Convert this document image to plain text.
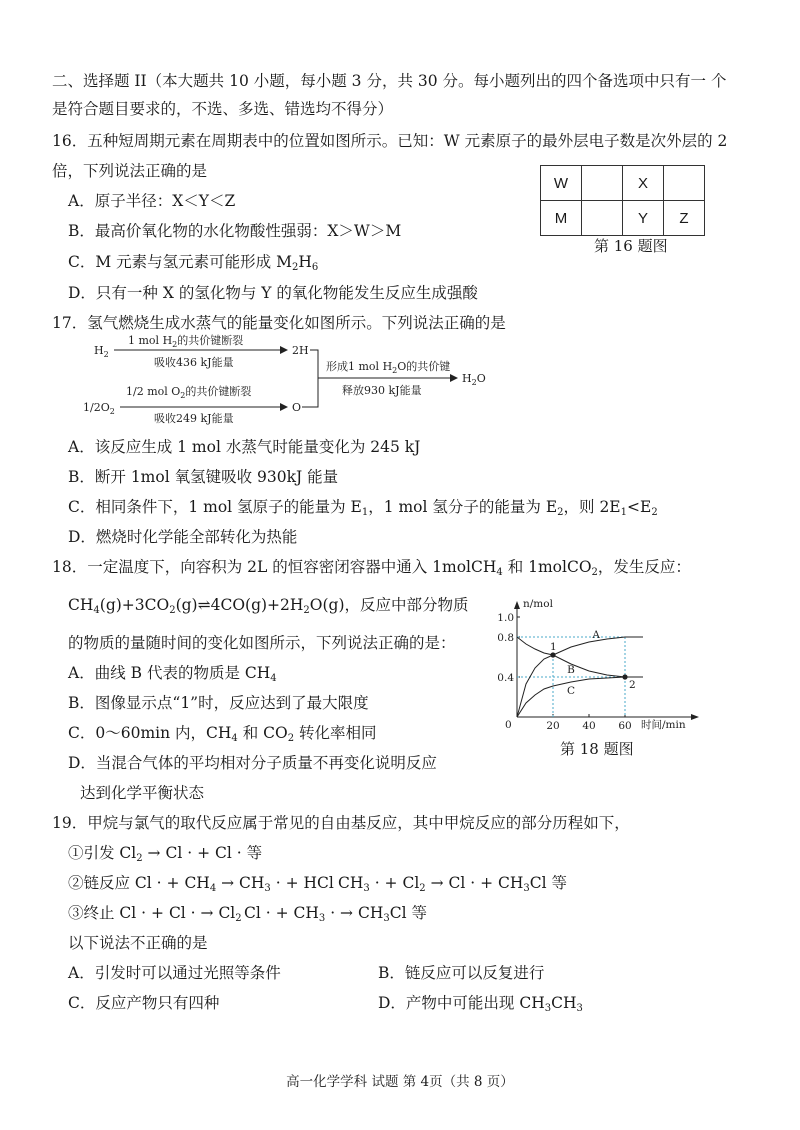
二、选择题 II（本大题共 10 小题，每小题 3 分，共 30 分。每小题列出的四个备选项中只有一 个
是符合题目要求的，不选、多选、错选均不得分）
16．五种短周期元素在周期表中的位置如图所示。已知：W 元素原子的最外层电子数是次外层的 2
倍，下列说法正确的是
A．原子半径：X＜Y＜Z
B．最高价氧化物的水化物酸性强弱：X＞W＞M
C．M 元素与氢元素可能形成 $M_2H_6$
D．只有一种 X 的氢化物与 Y 的氧化物能发生反应生成强酸
W		X	
M		Y	Z
第 16 题图
17．氢气燃烧生成水蒸气的能量变化如图所示。下列说法正确的是
$H_2$
1 mol $H_2$的共价键断裂
吸收436 kJ能量
2H
$1/2O_2$
1/2 mol $O_2$的共价键断裂
吸收249 kJ能量
O
形成1 mol $H_2O$的共价键
释放930 kJ能量
$H_2O$
A．该反应生成 1 mol 水蒸气时能量变化为 245 kJ
B．断开 1mol 氧氢键吸收 930kJ 能量
C．相同条件下，1 mol 氢原子的能量为 $E_1$，1 mol 氢分子的能量为 $E_2$，则 $2E_1<E_2$
D．燃烧时化学能全部转化为热能
18．一定温度下，向容积为 2L 的恒容密闭容器中通入 1molCH$_4$ 和 1molCO$_2$，发生反应：
$CH_4(g)+3CO_2(g)\rightleftharpoons 4CO(g)+2H_2O(g)$，反应中部分物质
的物质的量随时间的变化如图所示，下列说法正确的是：
A．曲线 B 代表的物质是 $CH_4$
B．图像显示点“1”时，反应达到了最大限度
C．0～60min 内，$CH_4$ 和 $CO_2$ 转化率相同
D．当混合气体的平均相对分子质量不再变化说明反应
达到化学平衡状态
n/mol
时间/min
0
0.4
0.8
1.0
20 40 60
A
B
C
1
2
第 18 题图
19．甲烷与氯气的取代反应属于常见的自由基反应，其中甲烷反应的部分历程如下，
①引发 $Cl_2 \to Cl$ · + Cl · 等
②链反应 Cl · + $CH_4 \to CH_3$ · + HCl $CH_3$ · + $Cl_2 \to Cl$ · + $CH_3Cl$ 等
③终止 Cl · + Cl · → $Cl_2$ Cl · + $CH_3$ · → $CH_3Cl$ 等
以下说法不正确的是
A．引发时可以通过光照等条件	B．链反应可以反复进行
C．反应产物只有四种	D．产物中可能出现 $CH_3CH_3$
高一化学学科 试题 第 4页（共 8 页）
